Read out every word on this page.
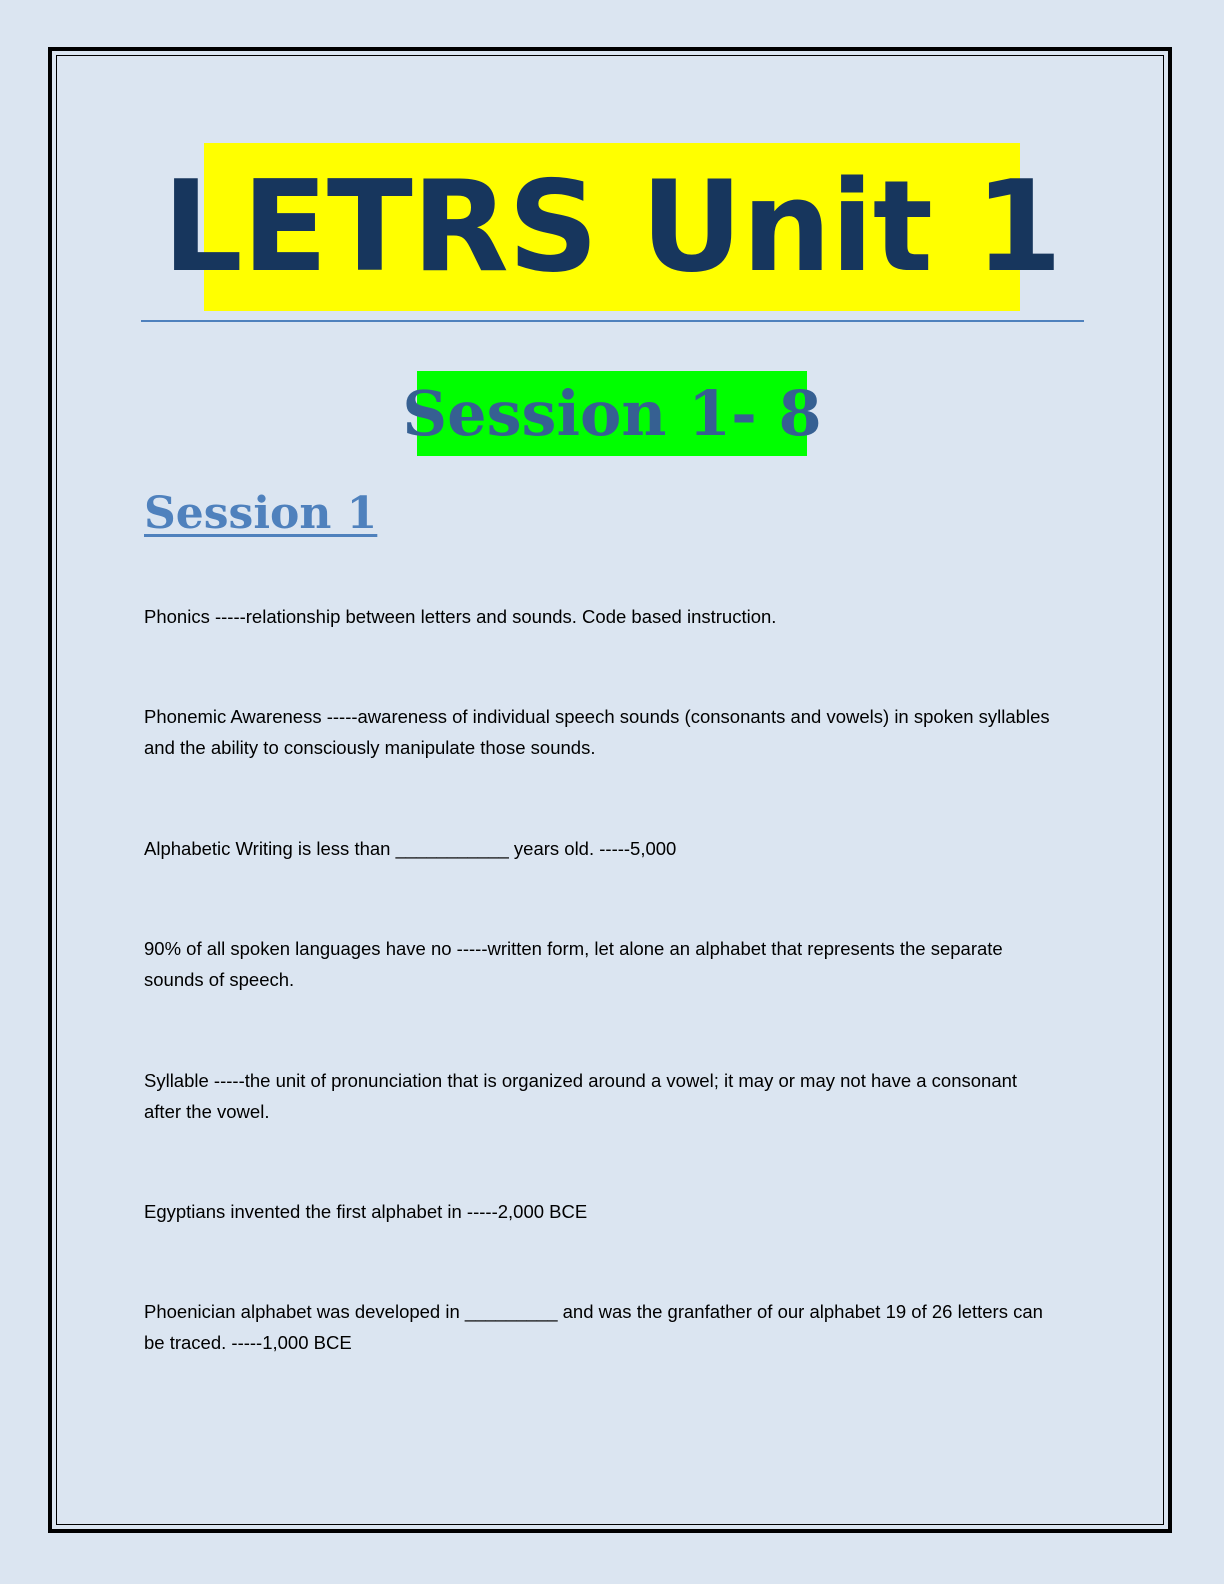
LETRS Unit 1
Session 1- 8
Session 1

Phonics -----relationship between letters and sounds. Code based instruction.

Phonemic Awareness -----awareness of individual speech sounds (consonants and vowels) in spoken syllables and the ability to consciously manipulate those sounds.

Alphabetic Writing is less than ___________ years old. -----5,000

90% of all spoken languages have no -----written form, let alone an alphabet that represents the separate sounds of speech.

Syllable -----the unit of pronunciation that is organized around a vowel; it may or may not have a consonant after the vowel.

Egyptians invented the first alphabet in -----2,000 BCE

Phoenician alphabet was developed in _________ and was the granfather of our alphabet 19 of 26 letters can be traced. -----1,000 BCE
